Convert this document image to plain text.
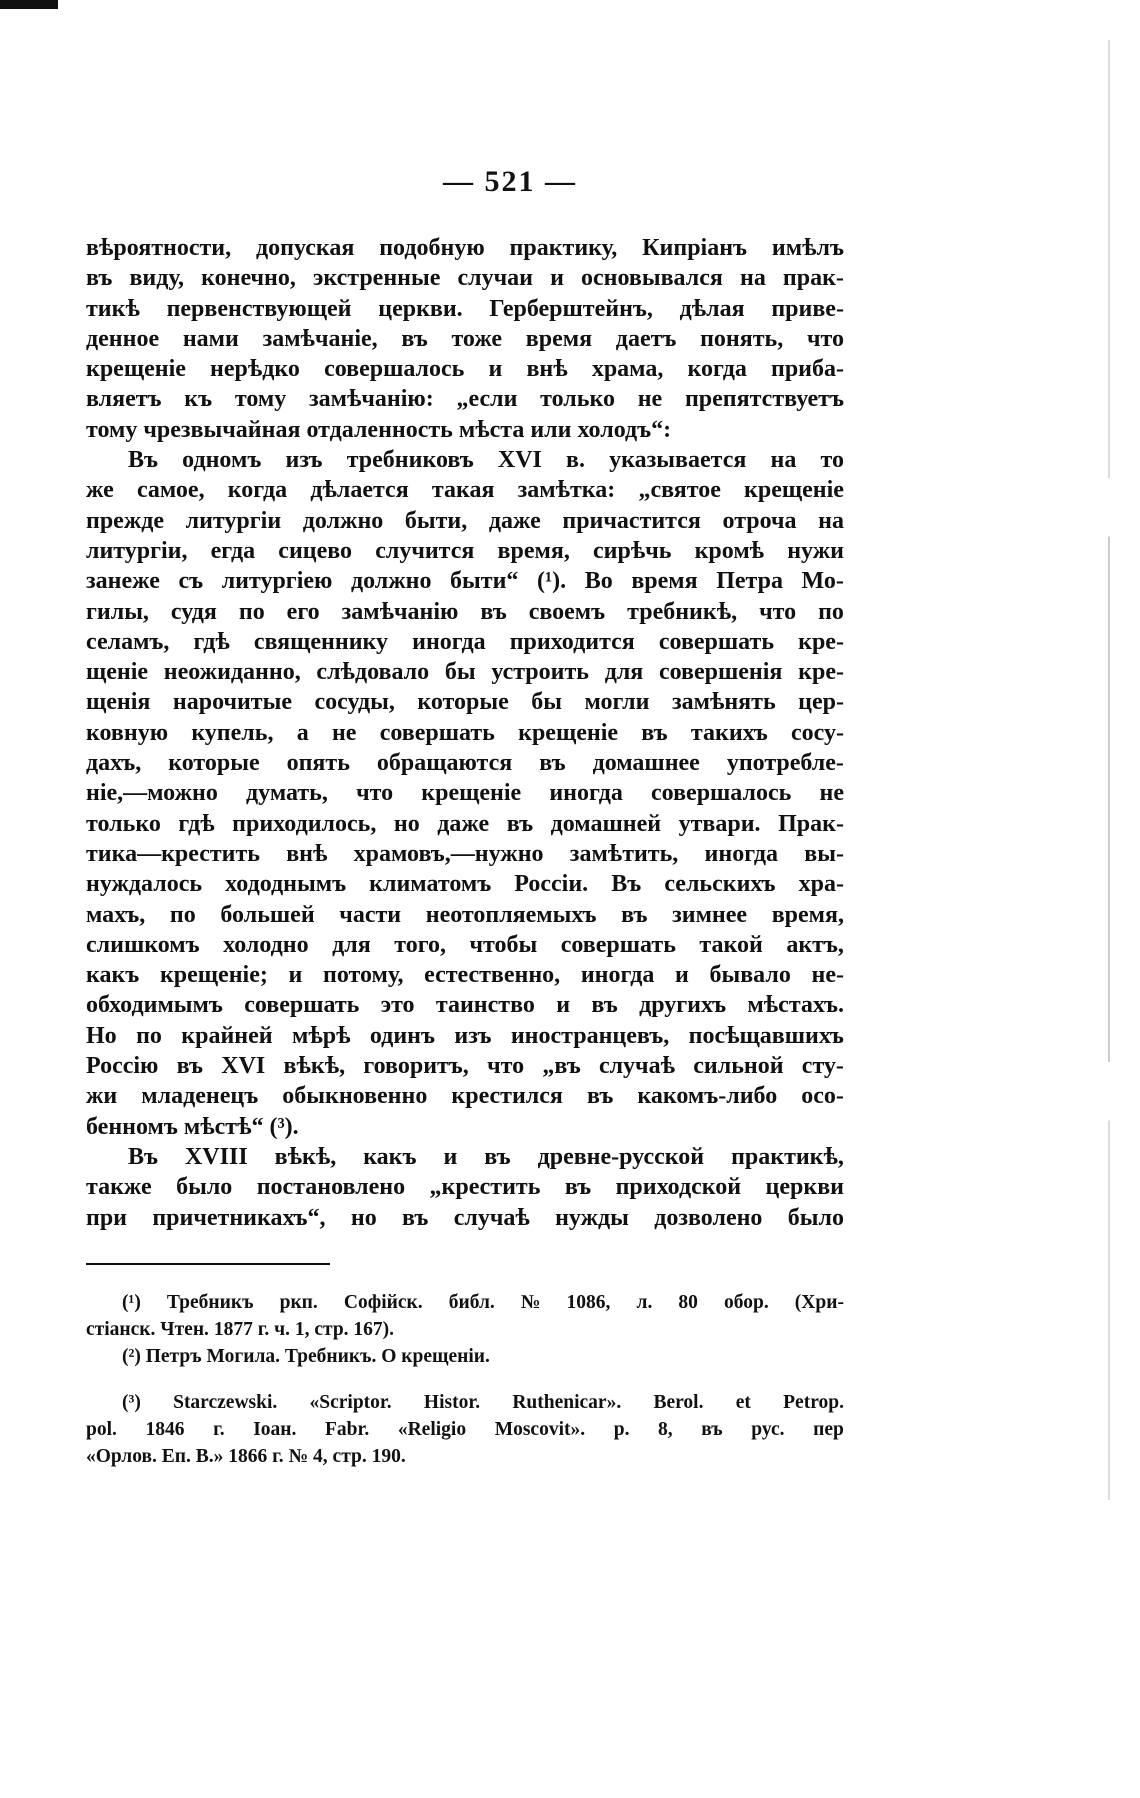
— 521 —
вѣроятности, допуская подобную практику, Кипріанъ имѣлъ
въ виду, конечно, экстренные случаи и основывался на прак-
тикѣ первенствующей церкви. Герберштейнъ, дѣлая приве-
денное нами замѣчаніе, въ тоже время даетъ понять, что
крещеніе нерѣдко совершалось и внѣ храма, когда приба-
вляетъ къ тому замѣчанію: „если только не препятствуетъ
тому
чрезвычайная
отдаленность
мѣста
или
холодъ“:
Въ одномъ изъ требниковъ XVI в. указывается на то
же самое, когда дѣлается такая замѣтка: „святое крещеніе
прежде литургіи должно быти, даже причастится отроча на
литургіи, егда сицево случится время, сирѣчь кромѣ нужи
занеже съ литургіею должно быти“ (¹). Во время Петра Мо-
гилы, судя по его замѣчанію въ своемъ требникѣ, что по
селамъ, гдѣ священнику иногда приходится совершать кре-
щеніе неожиданно, слѣдовало бы устроить для совершенія кре-
щенія нарочитые сосуды, которые бы могли замѣнять цер-
ковную купель, а не совершать крещеніе въ такихъ сосу-
дахъ, которые опять обращаются въ домашнее употребле-
ніе,—можно думать, что крещеніе иногда совершалось не
только гдѣ приходилось, но даже въ домашней утвари. Прак-
тика—крестить внѣ храмовъ,—нужно замѣтить, иногда вы-
нуждалось хододнымъ климатомъ Россіи. Въ сельскихъ хра-
махъ, по большей части неотопляемыхъ въ зимнее время,
слишкомъ холодно для того, чтобы совершать такой актъ,
какъ крещеніе; и потому, естественно, иногда и бывало не-
обходимымъ совершать это таинство и въ другихъ мѣстахъ.
Но по крайней мѣрѣ одинъ изъ иностранцевъ, посѣщавшихъ
Россію въ XVI вѣкѣ, говоритъ, что „въ случаѣ сильной сту-
жи младенецъ обыкновенно крестился въ какомъ-либо осо-
бенномъ
мѣстѣ“
(³).
Въ XVIII вѣкѣ, какъ и въ древне-русской практикѣ,
также было постановлено „крестить въ приходской церкви
при причетникахъ“, но въ случаѣ нужды дозволено было
(¹) Требникъ ркп. Софійск. библ. № 1086, л. 80 обор. (Хри-
стіанск.
Чтен.
1877
г.
ч.
1,
стр.
167).
(²)
Петръ
Могила.
Требникъ.
О
крещеніи.
(³) Starczewski. «Scriptor. Histor. Ruthenicar». Berol. et Petrop.
pol. 1846 г. Іоан. Fabr. «Religio Moscovit». p. 8, въ рус. пер
«Орлов.
Еп.
В.»
1866
г.
№
4,
стр.
190.
